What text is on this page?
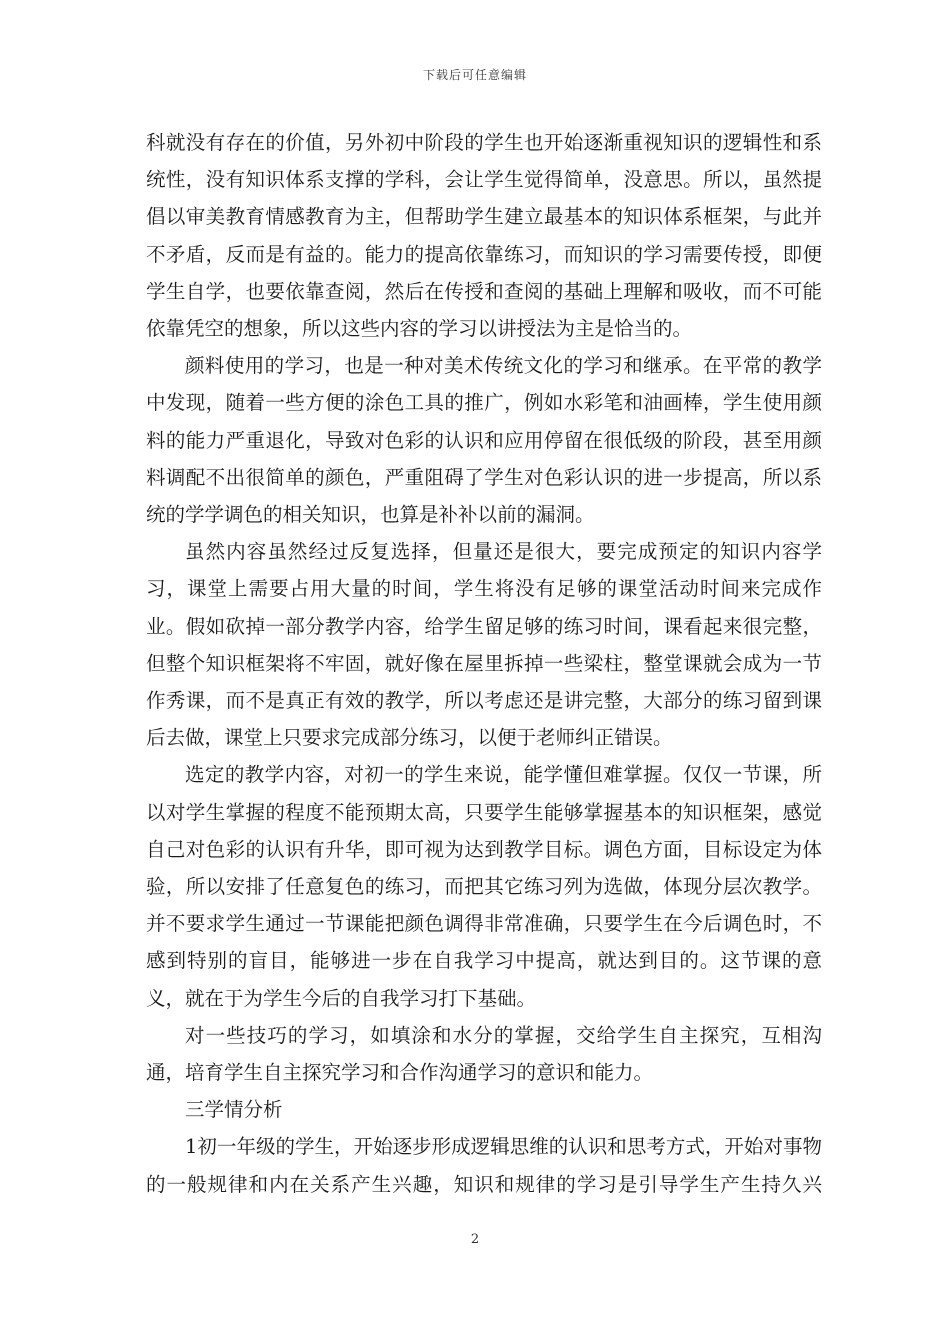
下载后可任意编辑

科就没有存在的价值，另外初中阶段的学生也开始逐渐重视知识的逻辑性和系统性，没有知识体系支撑的学科，会让学生觉得简单，没意思。所以，虽然提倡以审美教育情感教育为主，但帮助学生建立最基本的知识体系框架，与此并不矛盾，反而是有益的。能力的提高依靠练习，而知识的学习需要传授，即便学生自学，也要依靠查阅，然后在传授和查阅的基础上理解和吸收，而不可能依靠凭空的想象，所以这些内容的学习以讲授法为主是恰当的。

颜料使用的学习，也是一种对美术传统文化的学习和继承。在平常的教学中发现，随着一些方便的涂色工具的推广，例如水彩笔和油画棒，学生使用颜料的能力严重退化，导致对色彩的认识和应用停留在很低级的阶段，甚至用颜料调配不出很简单的颜色，严重阻碍了学生对色彩认识的进一步提高，所以系统的学学调色的相关知识，也算是补补以前的漏洞。

虽然内容虽然经过反复选择，但量还是很大，要完成预定的知识内容学习，课堂上需要占用大量的时间，学生将没有足够的课堂活动时间来完成作业。假如砍掉一部分教学内容，给学生留足够的练习时间，课看起来很完整，但整个知识框架将不牢固，就好像在屋里拆掉一些梁柱，整堂课就会成为一节作秀课，而不是真正有效的教学，所以考虑还是讲完整，大部分的练习留到课后去做，课堂上只要求完成部分练习，以便于老师纠正错误。

选定的教学内容，对初一的学生来说，能学懂但难掌握。仅仅一节课，所以对学生掌握的程度不能预期太高，只要学生能够掌握基本的知识框架，感觉自己对色彩的认识有升华，即可视为达到教学目标。调色方面，目标设定为体验，所以安排了任意复色的练习，而把其它练习列为选做，体现分层次教学。并不要求学生通过一节课能把颜色调得非常准确，只要学生在今后调色时，不感到特别的盲目，能够进一步在自我学习中提高，就达到目的。这节课的意义，就在于为学生今后的自我学习打下基础。

对一些技巧的学习，如填涂和水分的掌握，交给学生自主探究，互相沟通，培育学生自主探究学习和合作沟通学习的意识和能力。

三学情分析

1初一年级的学生，开始逐步形成逻辑思维的认识和思考方式，开始对事物的一般规律和内在关系产生兴趣，知识和规律的学习是引导学生产生持久兴

2
